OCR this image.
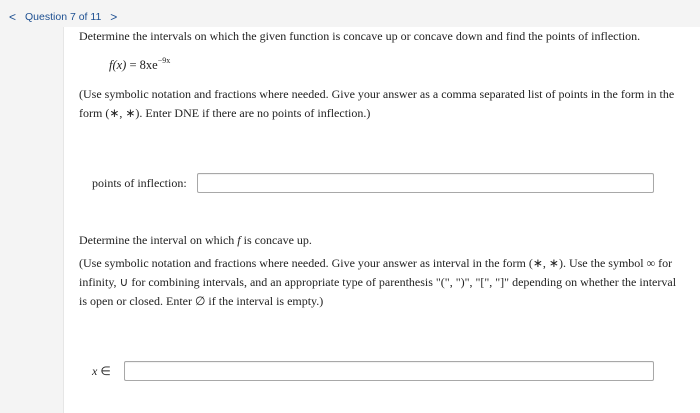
< Question 7 of 11 >
Determine the intervals on which the given function is concave up or concave down and find the points of inflection.
$f(x) = 8xe^{-9x}$
(Use symbolic notation and fractions where needed. Give your answer as a comma separated list of points in the form in the form (∗, ∗). Enter DNE if there are no points of inflection.)
points of inflection:
Determine the interval on which f is concave up.
(Use symbolic notation and fractions where needed. Give your answer as interval in the form (∗, ∗). Use the symbol ∞ for infinity, ∪ for combining intervals, and an appropriate type of parenthesis "(", ")", "[", "]" depending on whether the interval is open or closed. Enter ∅ if the interval is empty.)
x ∈
